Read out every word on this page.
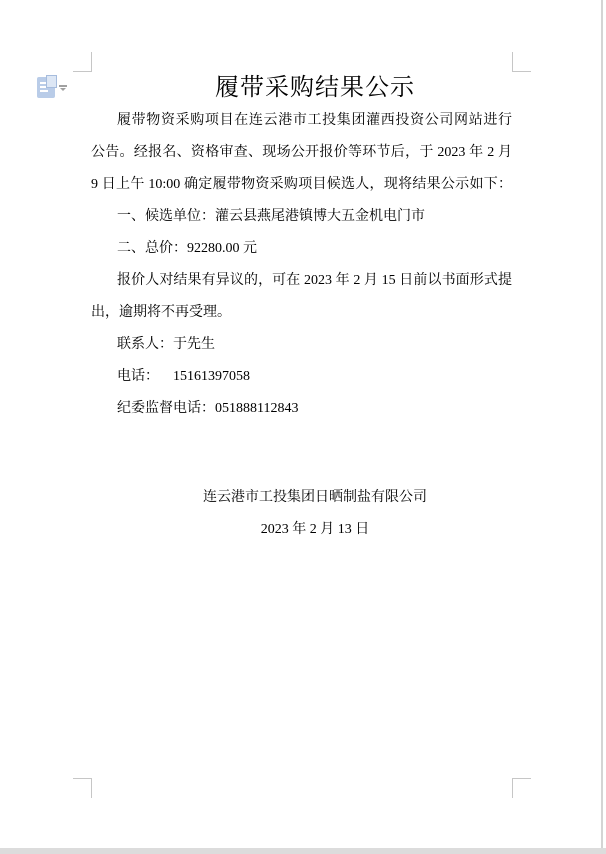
履带采购结果公示
履带物资采购项目在连云港市工投集团灌西投资公司网站进行
公告。经报名、资格审查、现场公开报价等环节后，于 2023 年 2 月
9 日上午 10:00 确定履带物资采购项目候选人，现将结果公示如下：
一、候选单位：灌云县燕尾港镇博大五金机电门市
二、总价：92280.00 元
报价人对结果有异议的，可在 2023 年 2 月 15 日前以书面形式提
出，逾期将不再受理。
联系人：于先生
电话：    15161397058
纪委监督电话：051888112843
连云港市工投集团日晒制盐有限公司
2023 年 2 月 13 日
